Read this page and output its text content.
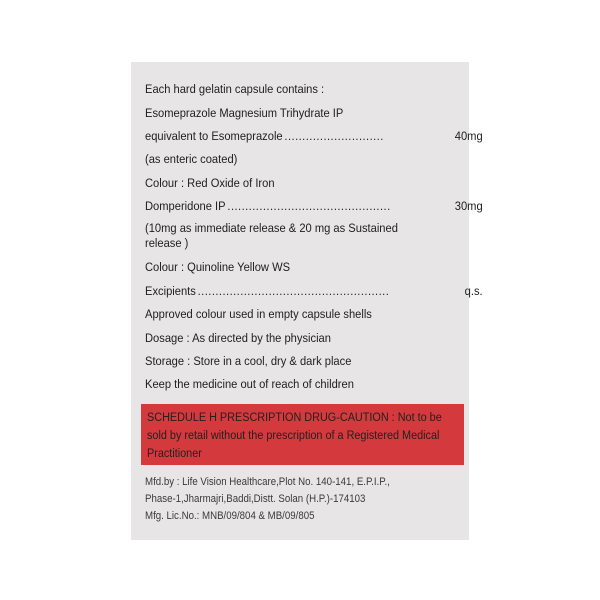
Each hard gelatin capsule contains :
Esomeprazole Magnesium Trihydrate IP
equivalent to Esomeprazole ............................	40mg
(as enteric coated)
Colour : Red Oxide of Iron
Domperidone IP ..............................................	30mg
(10mg as immediate release & 20 mg as Sustained
release )
Colour : Quinoline Yellow WS
Excipients ......................................................	q.s.
Approved colour used in empty capsule shells
Dosage : As directed by the physician
Storage : Store in a cool, dry & dark place
Keep the medicine out of reach of children
SCHEDULE H PRESCRIPTION DRUG-CAUTION : Not to be sold by retail without the prescription of a Registered Medical Practitioner
Mfd.by : Life Vision Healthcare,Plot No. 140-141, E.P.I.P.,
Phase-1,Jharmajri,Baddi,Distt. Solan (H.P.)-174103
Mfg. Lic.No.: MNB/09/804 & MB/09/805
